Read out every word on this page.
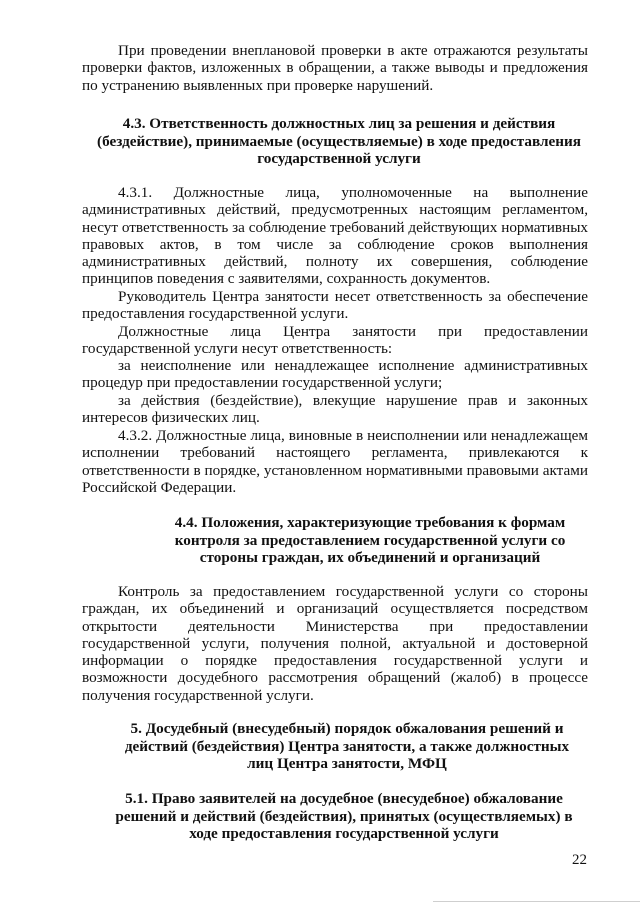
При проведении внеплановой проверки в акте отражаются результаты проверки фактов, изложенных в обращении, а также выводы и предложения по устранению выявленных при проверке нарушений.
4.3. Ответственность должностных лиц за решения и действия (бездействие), принимаемые (осуществляемые) в ходе предоставления государственной услуги
4.3.1. Должностные лица, уполномоченные на выполнение административных действий, предусмотренных настоящим регламентом, несут ответственность за соблюдение требований действующих нормативных правовых актов, в том числе за соблюдение сроков выполнения административных действий, полноту их совершения, соблюдение принципов поведения с заявителями, сохранность документов.
Руководитель Центра занятости несет ответственность за обеспечение предоставления государственной услуги.
Должностные лица Центра занятости при предоставлении государственной услуги несут ответственность:
за неисполнение или ненадлежащее исполнение административных процедур при предоставлении государственной услуги;
за действия (бездействие), влекущие нарушение прав и законных интересов физических лиц.
4.3.2. Должностные лица, виновные в неисполнении или ненадлежащем исполнении требований настоящего регламента, привлекаются к ответственности в порядке, установленном нормативными правовыми актами Российской Федерации.
4.4. Положения, характеризующие требования к формам контроля за предоставлением государственной услуги со стороны граждан, их объединений и организаций
Контроль за предоставлением государственной услуги со стороны граждан, их объединений и организаций осуществляется посредством открытости деятельности Министерства при предоставлении государственной услуги, получения полной, актуальной и достоверной информации о порядке предоставления государственной услуги и возможности досудебного рассмотрения обращений (жалоб) в процессе получения государственной услуги.
5. Досудебный (внесудебный) порядок обжалования решений и действий (бездействия) Центра занятости, а также должностных лиц Центра занятости, МФЦ
5.1. Право заявителей на досудебное (внесудебное) обжалование решений и действий (бездействия), принятых (осуществляемых) в ходе предоставления государственной услуги
22
